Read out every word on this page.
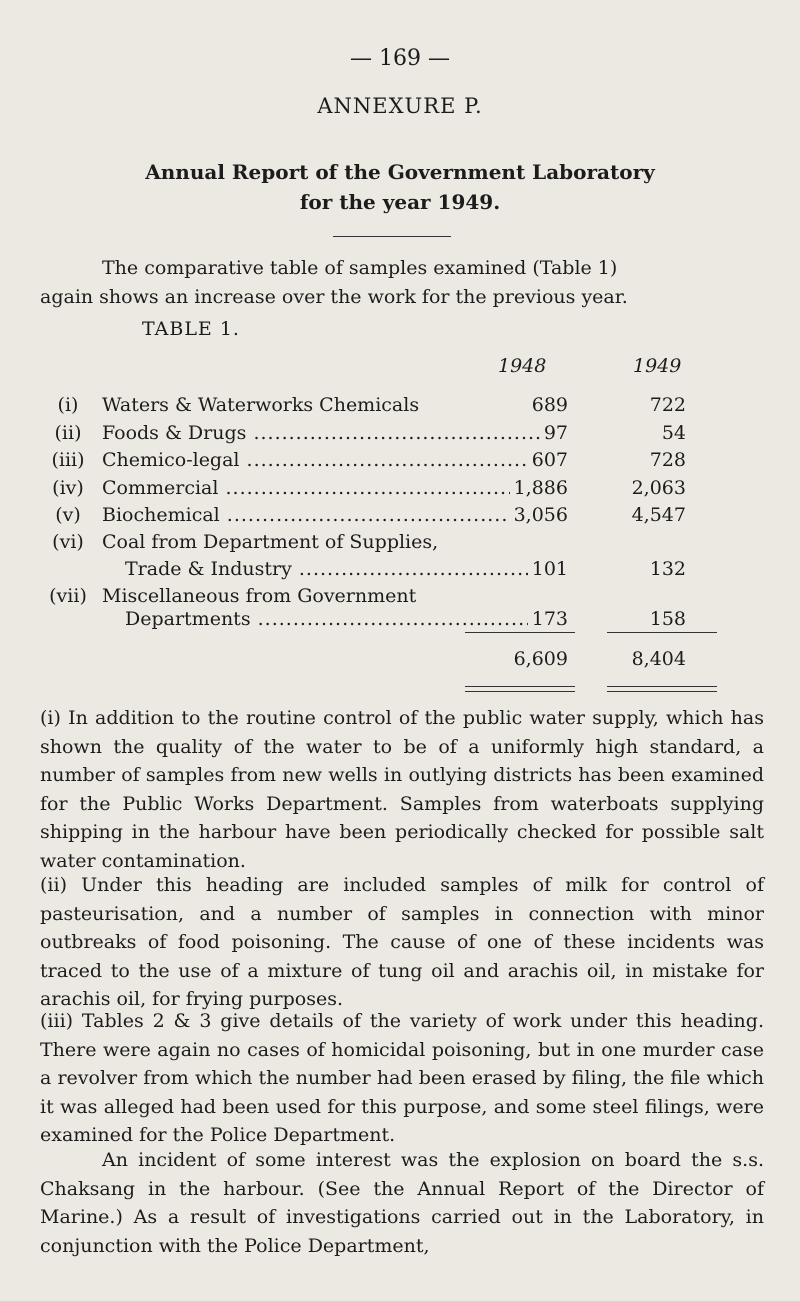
— 169 —
ANNEXURE P.
Annual Report of the Government Laboratory
for the year 1949.
The comparative table of samples examined (Table 1)
again shows an increase over the work for the previous year.
TABLE 1.
1948	1949
(i)	Waters & Waterworks Chemicals	689	722
(ii)	Foods & Drugs .....	97	54
(iii) Chemico-legal .....	607	728
(iv) Commercial .....	1,886	2,063
(v)	Biochemical .....	3,056	4,547
(vi) Coal from Department of Supplies,
Trade & Industry .....	101	132
(vii) Miscellaneous from Government
Departments .....	173	158
6,609	8,404
(i) In addition to the routine control of the public water supply, which has shown the quality of the water to be of a uniformly high standard, a number of samples from new wells in outlying districts has been examined for the Public Works Department. Samples from waterboats supplying shipping in the harbour have been periodically checked for possible salt water contamination.
(ii) Under this heading are included samples of milk for control of pasteurisation, and a number of samples in connection with minor outbreaks of food poisoning. The cause of one of these incidents was traced to the use of a mixture of tung oil and arachis oil, in mistake for arachis oil, for frying purposes.
(iii) Tables 2 & 3 give details of the variety of work under this heading. There were again no cases of homicidal poisoning, but in one murder case a revolver from which the number had been erased by filing, the file which it was alleged had been used for this purpose, and some steel filings, were examined for the Police Department.
An incident of some interest was the explosion on board the s.s. Chaksang in the harbour. (See the Annual Report of the Director of Marine.) As a result of investigations carried out in the Laboratory, in conjunction with the Police Department,
